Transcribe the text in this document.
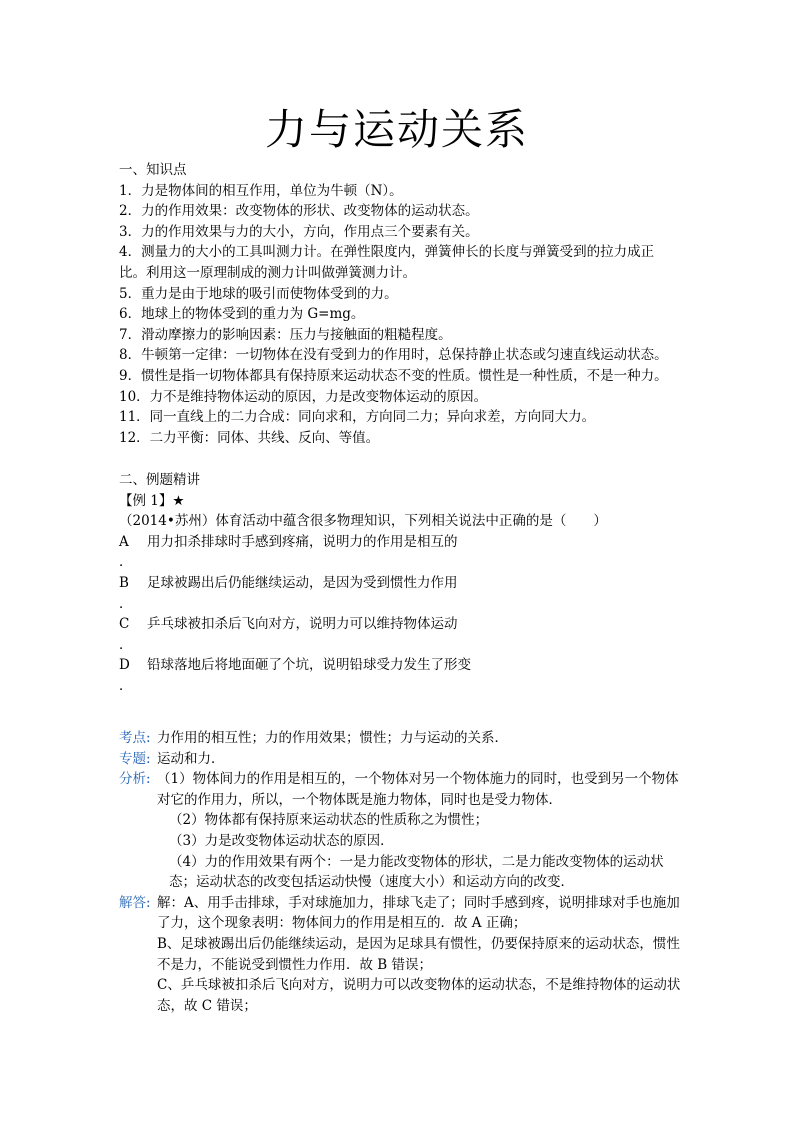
力与运动关系
一、知识点
1．力是物体间的相互作用，单位为牛顿（N）。
2．力的作用效果：改变物体的形状、改变物体的运动状态。
3．力的作用效果与力的大小，方向，作用点三个要素有关。
4．测量力的大小的工具叫测力计。在弹性限度内，弹簧伸长的长度与弹簧受到的拉力成正比。利用这一原理制成的测力计叫做弹簧测力计。
5．重力是由于地球的吸引而使物体受到的力。
6．地球上的物体受到的重力为 G=mg。
7．滑动摩擦力的影响因素：压力与接触面的粗糙程度。
8．牛顿第一定律：一切物体在没有受到力的作用时，总保持静止状态或匀速直线运动状态。
9．惯性是指一切物体都具有保持原来运动状态不变的性质。惯性是一种性质，不是一种力。
10．力不是维持物体运动的原因，力是改变物体运动的原因。
11．同一直线上的二力合成：同向求和，方向同二力；异向求差，方向同大力。
12．二力平衡：同体、共线、反向、等值。
二、例题精讲
【例 1】★
（2014•苏州）体育活动中蕴含很多物理知识，下列相关说法中正确的是（　　）
A	用力扣杀排球时手感到疼痛，说明力的作用是相互的
．
B	足球被踢出后仍能继续运动，是因为受到惯性力作用
．
C	乒乓球被扣杀后飞向对方，说明力可以维持物体运动
．
D	铅球落地后将地面砸了个坑，说明铅球受力发生了形变
．
考点: 力作用的相互性；力的作用效果；惯性；力与运动的关系．
专题: 运动和力．
分析: （1）物体间力的作用是相互的，一个物体对另一个物体施力的同时，也受到另一个物体对它的作用力，所以，一个物体既是施力物体，同时也是受力物体．
（2）物体都有保持原来运动状态的性质称之为惯性；
（3）力是改变物体运动状态的原因．
（4）力的作用效果有两个：一是力能改变物体的形状，二是力能改变物体的运动状态；运动状态的改变包括运动快慢（速度大小）和运动方向的改变．
解答: 解：A、用手击排球，手对球施加力，排球飞走了；同时手感到疼，说明排球对手也施加了力，这个现象表明：物体间力的作用是相互的．故 A 正确；
B、足球被踢出后仍能继续运动，是因为足球具有惯性，仍要保持原来的运动状态，惯性不是力，不能说受到惯性力作用．故 B 错误；
C、乒乓球被扣杀后飞向对方，说明力可以改变物体的运动状态，不是维持物体的运动状态，故 C 错误；
